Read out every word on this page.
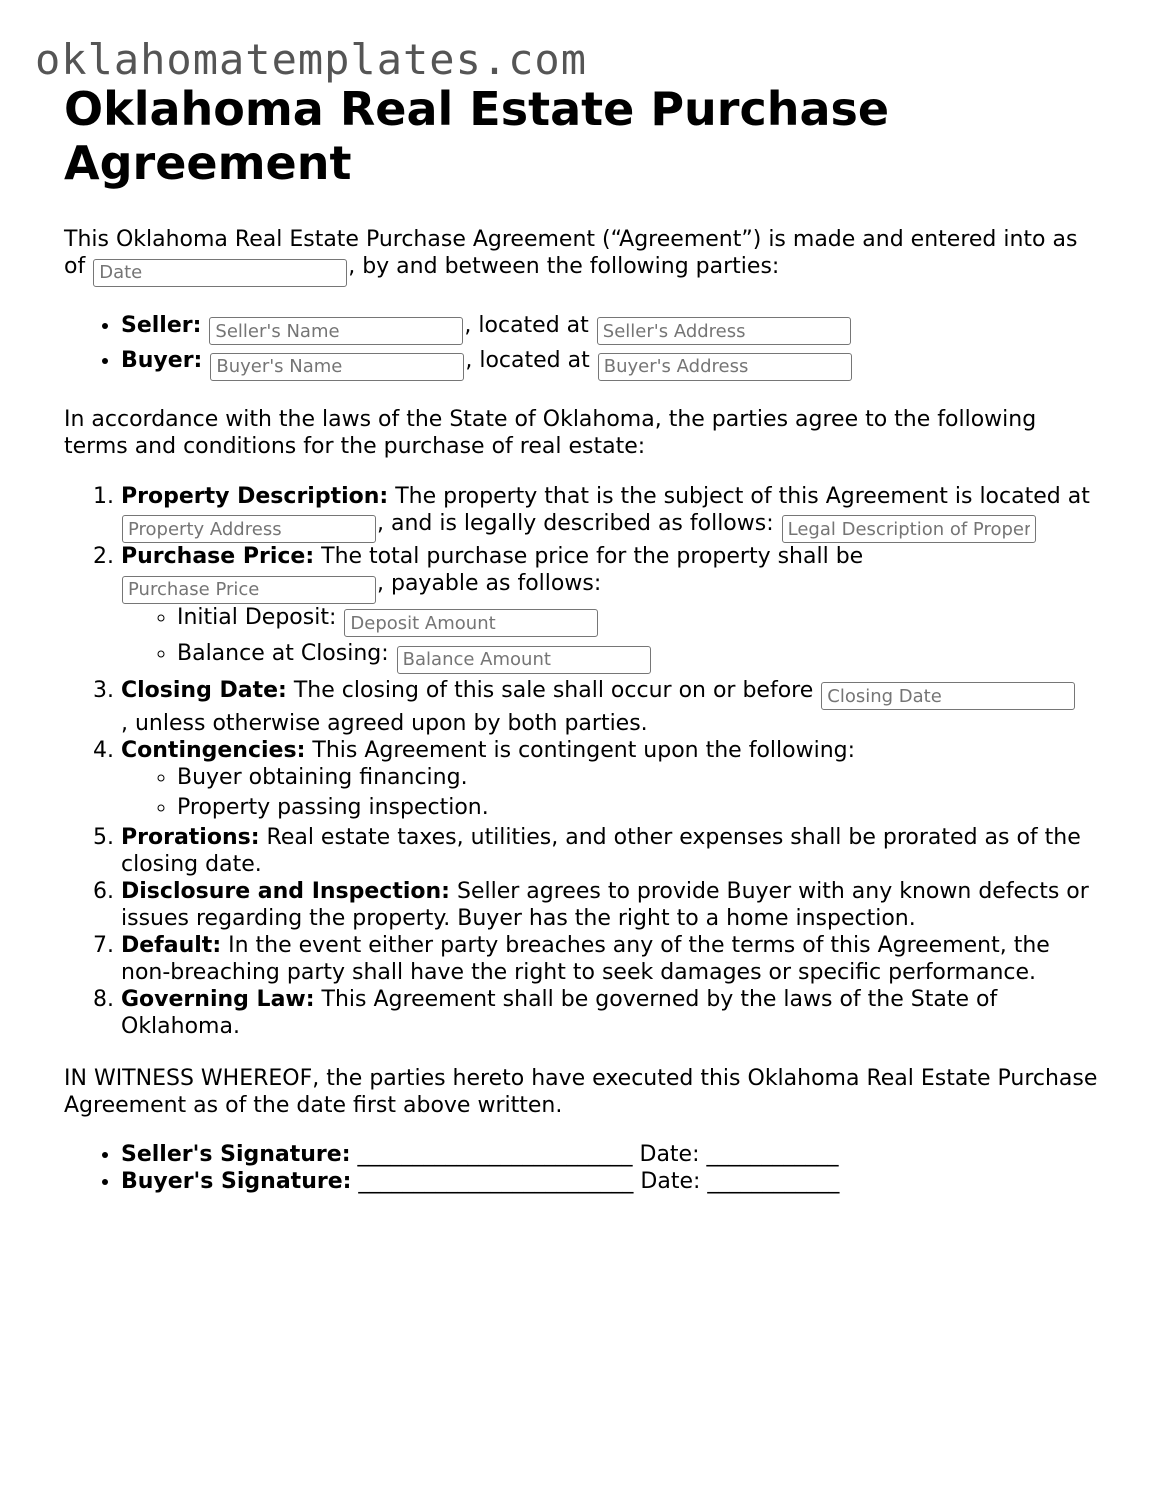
oklahomatemplates.com
Oklahoma Real Estate Purchase Agreement

This Oklahoma Real Estate Purchase Agreement (“Agreement”) is made and entered into as of Date	, by and between the following parties:

• Seller: Seller's Name	, located at Seller's Address
• Buyer: Buyer's Name	, located at Buyer's Address

In accordance with the laws of the State of Oklahoma, the parties agree to the following terms and conditions for the purchase of real estate:

1. Property Description: The property that is the subject of this Agreement is located at Property Address, and is legally described as follows: Legal Description of Property
2. Purchase Price: The total purchase price for the property shall be Purchase Price, payable as follows:
◦ Initial Deposit: Deposit Amount
◦ Balance at Closing: Balance Amount
3. Closing Date: The closing of this sale shall occur on or before Closing Date
, unless otherwise agreed upon by both parties.
4. Contingencies: This Agreement is contingent upon the following:
◦ Buyer obtaining financing.
◦ Property passing inspection.
5. Prorations: Real estate taxes, utilities, and other expenses shall be prorated as of the closing date.
6. Disclosure and Inspection: Seller agrees to provide Buyer with any known defects or issues regarding the property. Buyer has the right to a home inspection.
7. Default: In the event either party breaches any of the terms of this Agreement, the non-breaching party shall have the right to seek damages or specific performance.
8. Governing Law: This Agreement shall be governed by the laws of the State of Oklahoma.

IN WITNESS WHEREOF, the parties hereto have executed this Oklahoma Real Estate Purchase Agreement as of the date first above written.

• Seller's Signature: _________________________ Date: ____________
• Buyer's Signature: _________________________ Date: ____________
